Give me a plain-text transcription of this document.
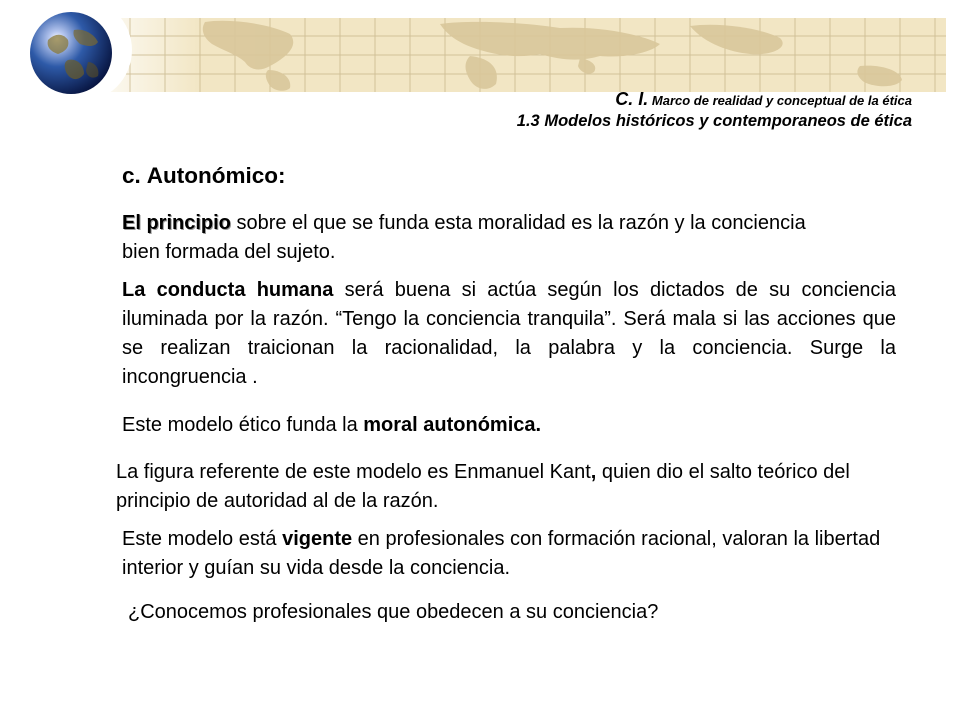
C. I. Marco de realidad y conceptual de la ética
1.3 Modelos históricos y contemporaneos de ética
c. Autonómico:

El principio sobre el que se funda esta moralidad es la razón y la conciencia bien formada del sujeto.

La conducta humana será buena si actúa según los dictados de su conciencia iluminada por la razón. “Tengo la conciencia tranquila”. Será mala si las acciones que se realizan traicionan la racionalidad, la palabra y la conciencia. Surge la incongruencia .

Este modelo ético funda la moral autonómica.

La figura referente de este modelo es Enmanuel Kant, quien dio el salto teórico del principio de autoridad al de la razón.

Este modelo está vigente en profesionales con formación racional, valoran la libertad interior y guían su vida desde la conciencia.

¿Conocemos profesionales que obedecen a su conciencia?
